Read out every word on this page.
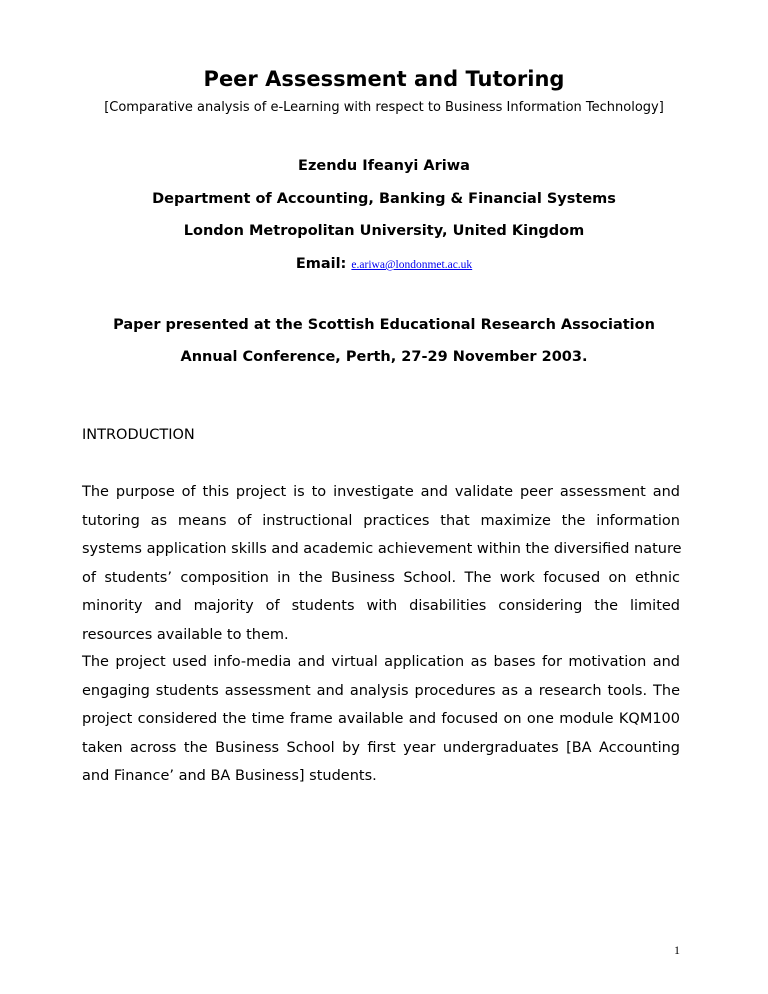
Peer Assessment and Tutoring
[Comparative analysis of e-Learning with respect to Business Information Technology]
Ezendu Ifeanyi Ariwa
Department of Accounting, Banking & Financial Systems
London Metropolitan University, United Kingdom
Email: e.ariwa@londonmet.ac.uk
Paper presented at the Scottish Educational Research Association
Annual Conference, Perth, 27-29 November 2003.
INTRODUCTION
The purpose of this project is to investigate and validate peer assessment and
tutoring as means of instructional practices that maximize the information
systems application skills and academic achievement within the diversified nature
of students’ composition in the Business School. The work focused on ethnic
minority and majority of students with disabilities considering the limited
resources available to them.
The project used info-media and virtual application as bases for motivation and
engaging students assessment and analysis procedures as a research tools. The
project considered the time frame available and focused on one module KQM100
taken across the Business School by first year undergraduates [BA Accounting
and Finance’ and BA Business] students.
1
